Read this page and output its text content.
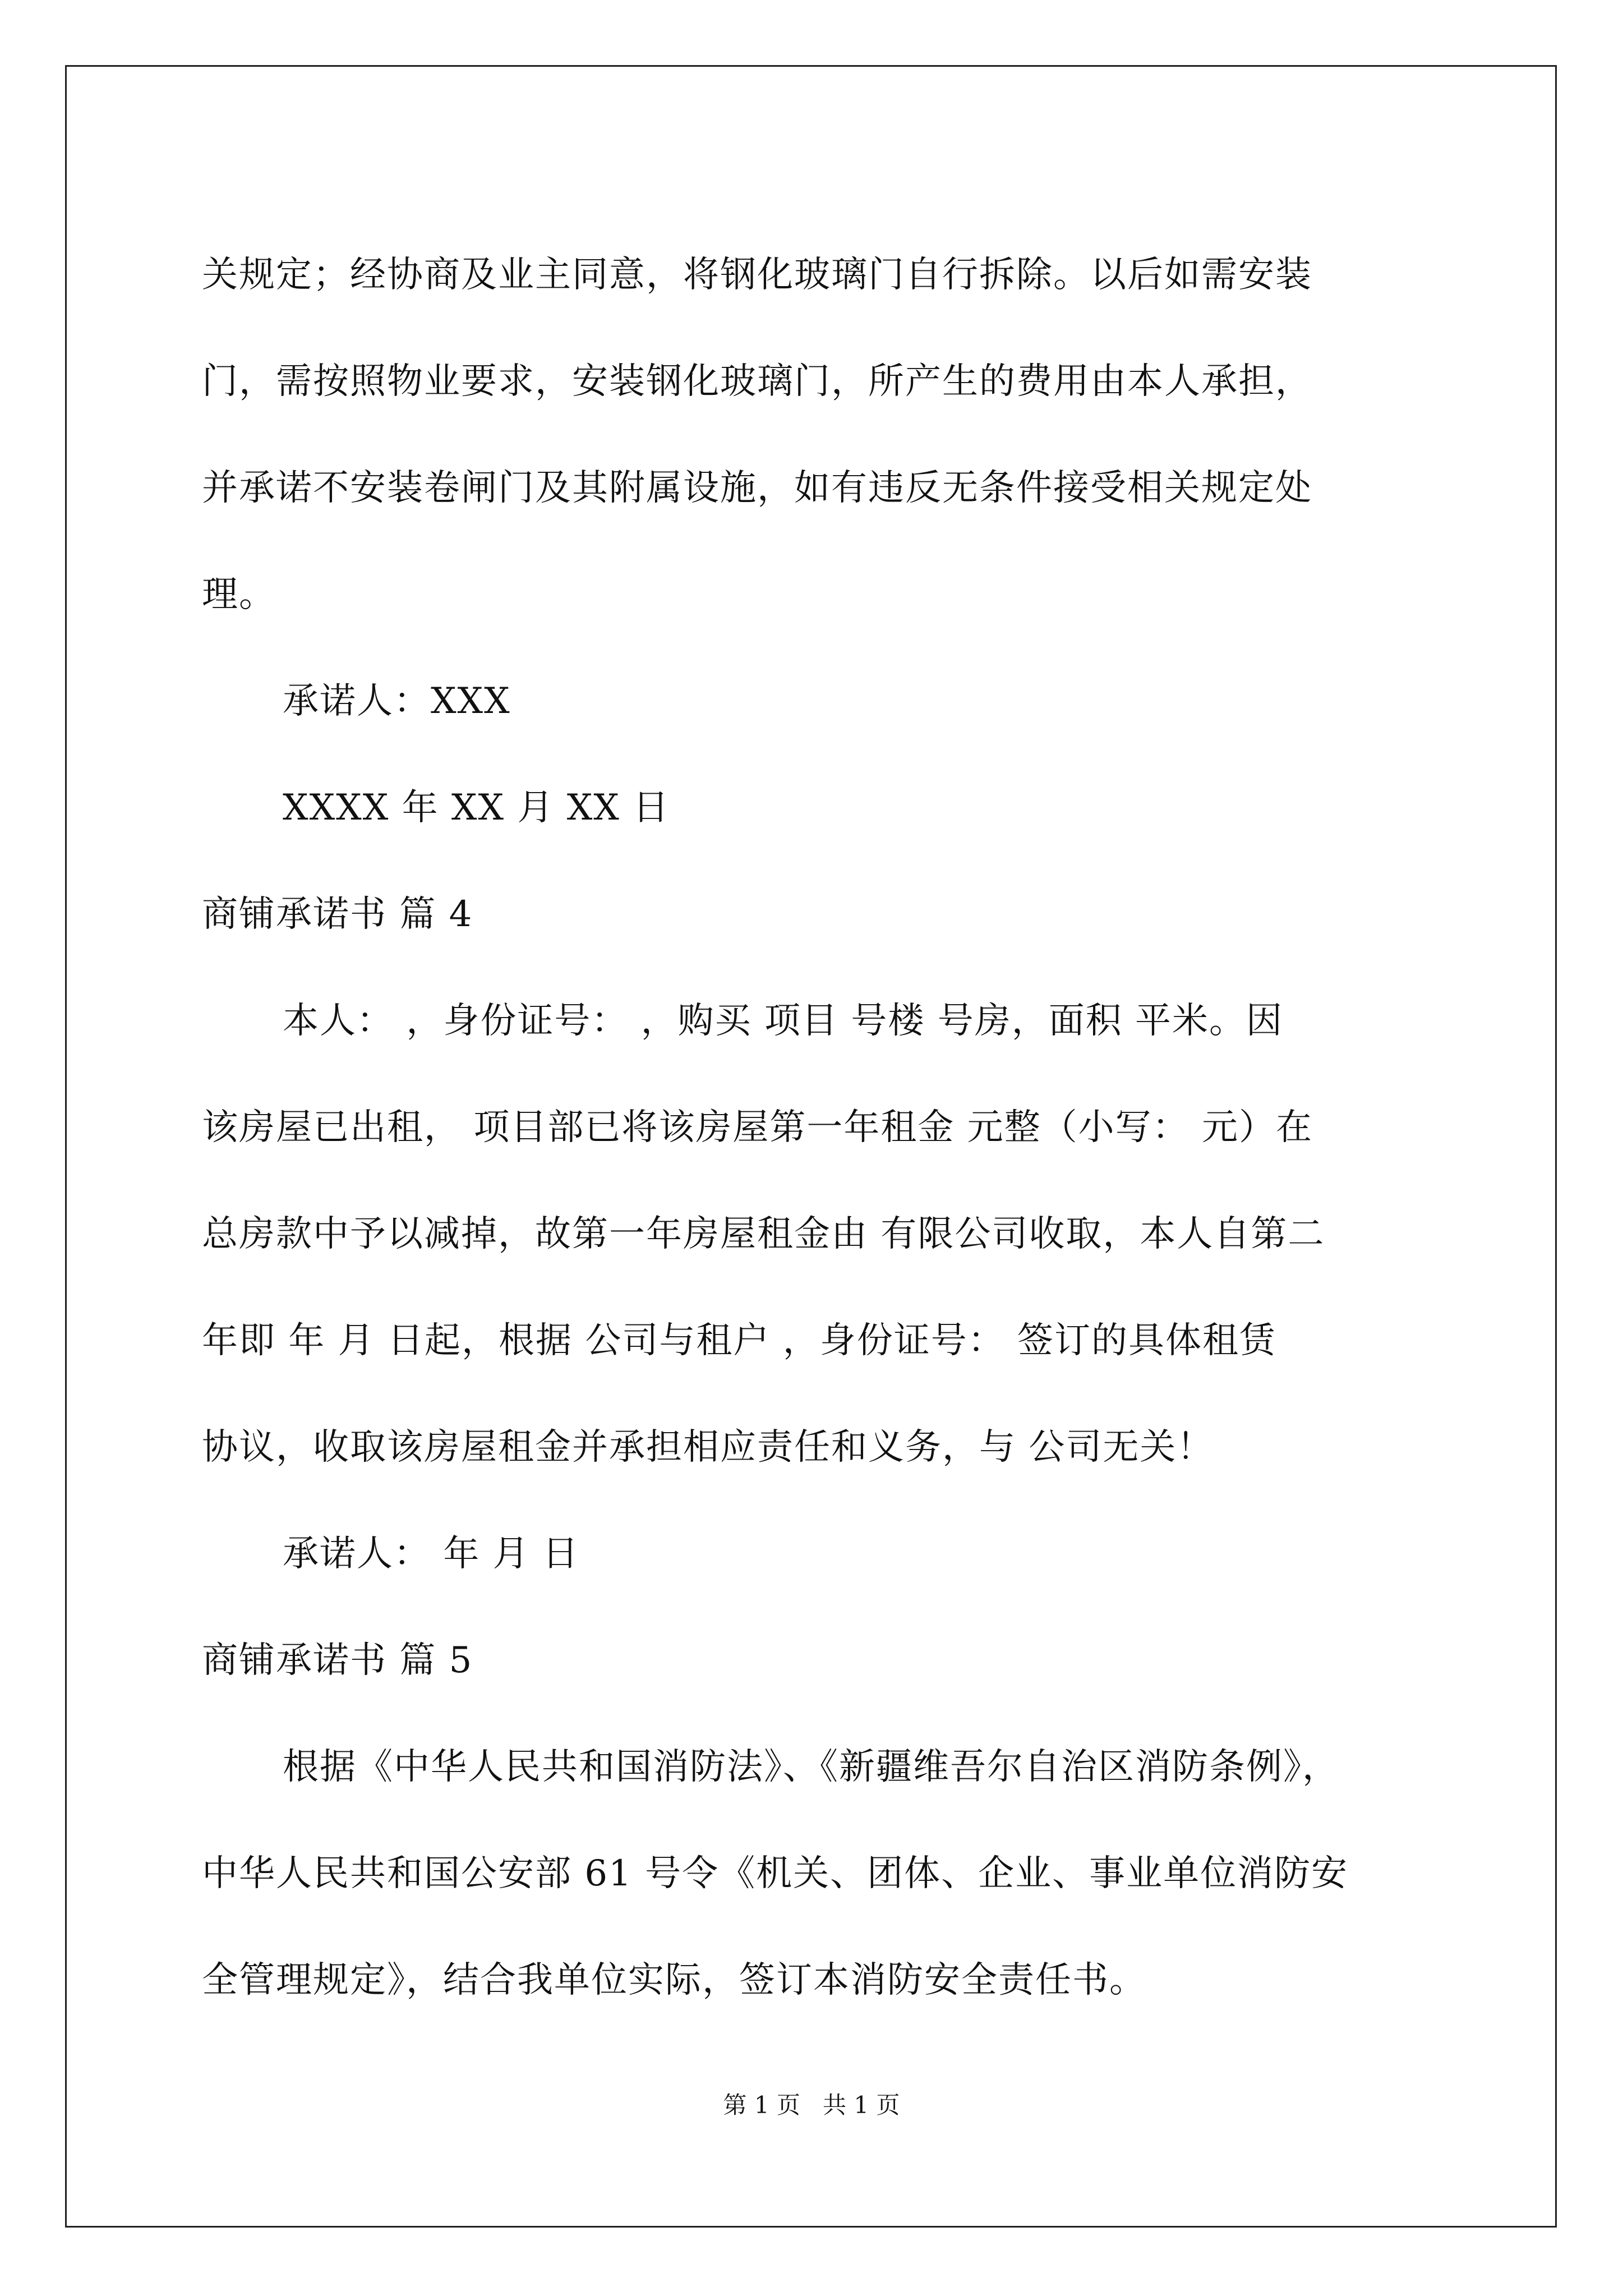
关规定；经协商及业主同意，将钢化玻璃门自行拆除。以后如需安装
门，需按照物业要求，安装钢化玻璃门，所产生的费用由本人承担，
并承诺不安装卷闸门及其附属设施，如有违反无条件接受相关规定处
理。
承诺人：XXX
XXXX 年 XX 月 XX 日
商铺承诺书 篇 4
本人： ，身份证号： ，购买 项目 号楼 号房，面积 平米。因
该房屋已出租， 项目部已将该房屋第一年租金 元整（小写： 元）在
总房款中予以减掉，故第一年房屋租金由 有限公司收取，本人自第二
年即 年 月 日起，根据 公司与租户 ，身份证号： 签订的具体租赁
协议，收取该房屋租金并承担相应责任和义务，与 公司无关！
承诺人： 年 月 日
商铺承诺书 篇 5
根据《中华人民共和国消防法》、《新疆维吾尔自治区消防条例》，
中华人民共和国公安部 61 号令《机关、团体、企业、事业单位消防安
全管理规定》，结合我单位实际，签订本消防安全责任书。
第 1 页   共 1 页
